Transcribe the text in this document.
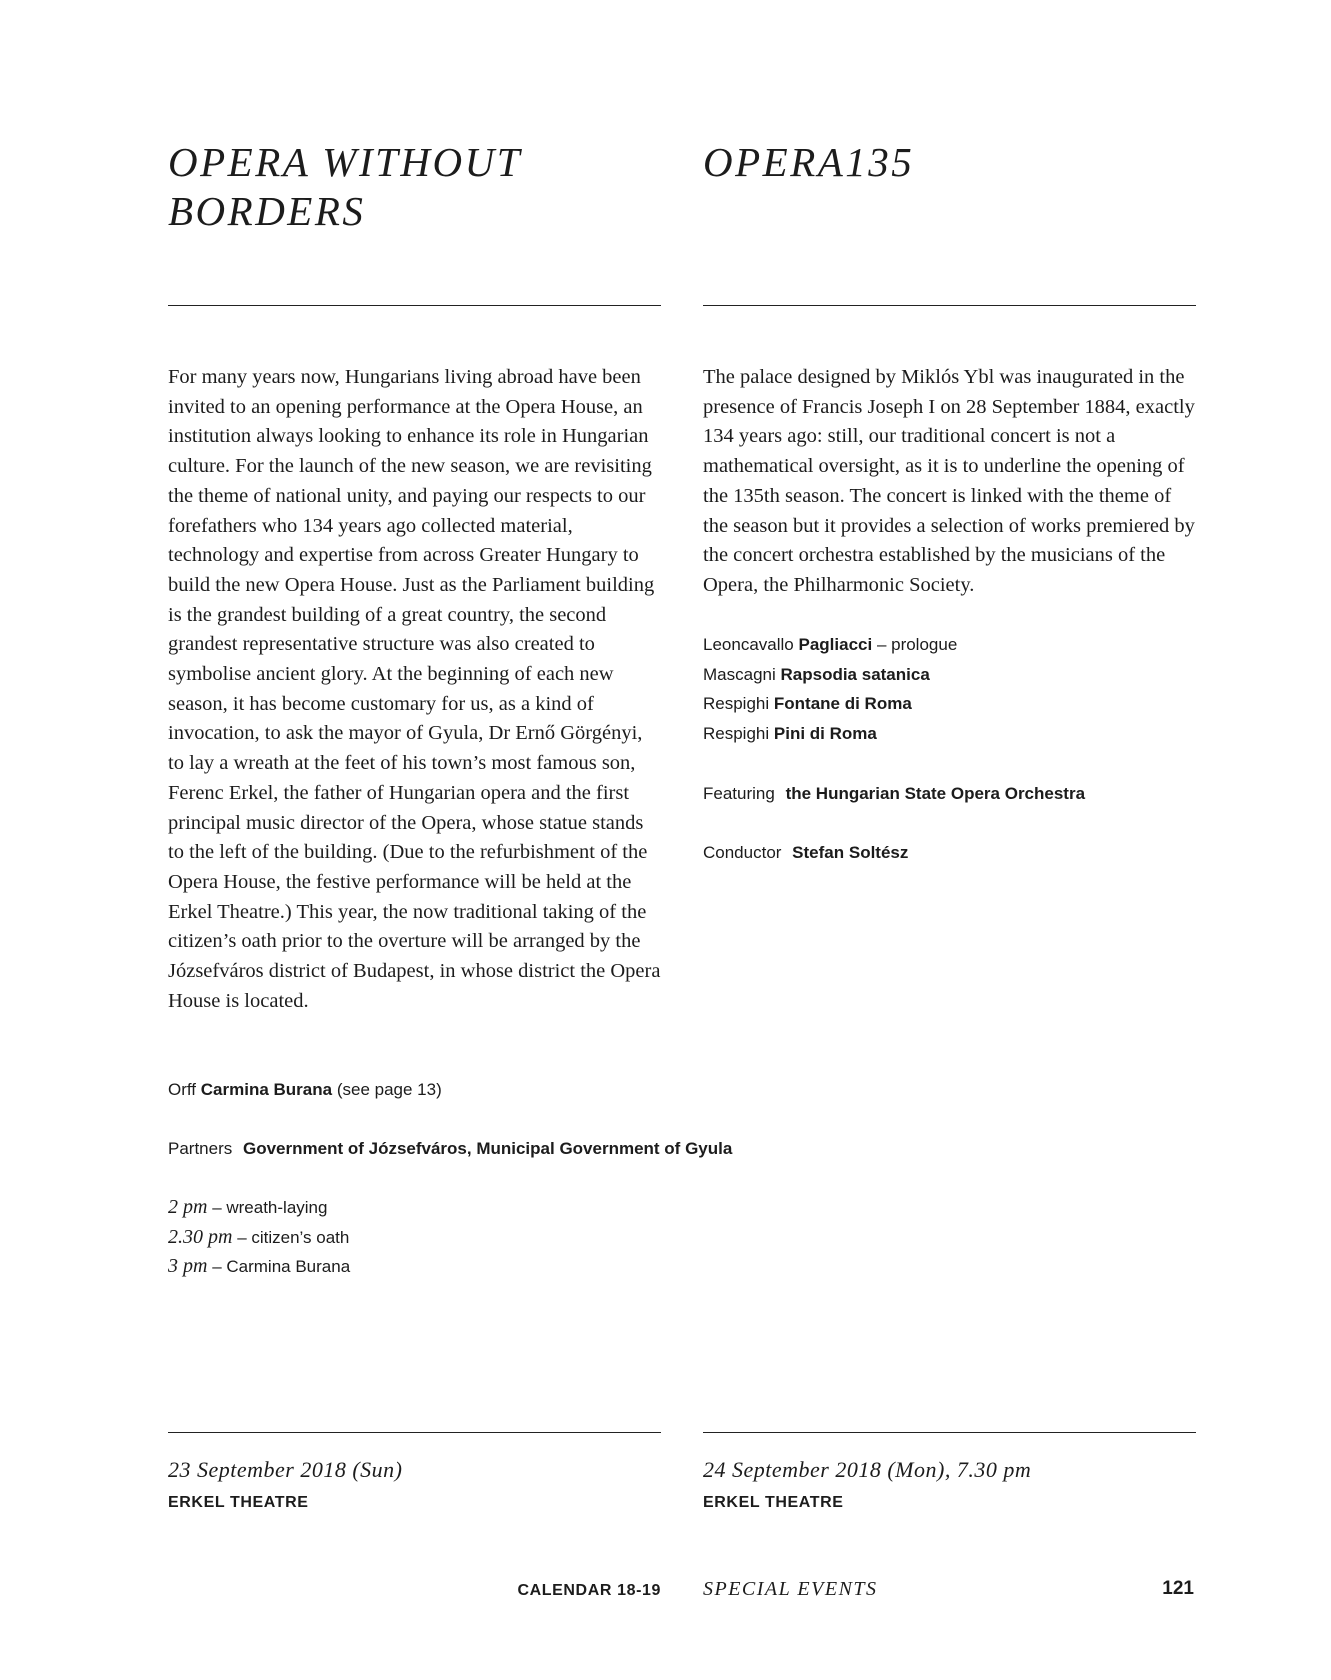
OPERA WITHOUT
BORDERS

For many years now, Hungarians living abroad have been invited to an opening performance at the Opera House, an institution always looking to enhance its role in Hungarian culture. For the launch of the new season, we are revisiting the theme of national unity, and paying our respects to our forefathers who 134 years ago collected material, technology and expertise from across Greater Hungary to build the new Opera House. Just as the Parliament building is the grandest building of a great country, the second grandest representative structure was also created to symbolise ancient glory. At the beginning of each new season, it has become customary for us, as a kind of invocation, to ask the mayor of Gyula, Dr Ernő Görgényi, to lay a wreath at the feet of his town’s most famous son, Ferenc Erkel, the father of Hungarian opera and the first principal music director of the Opera, whose statue stands to the left of the building. (Due to the refurbishment of the Opera House, the festive performance will be held at the Erkel Theatre.) This year, the now traditional taking of the citizen’s oath prior to the overture will be arranged by the Józsefváros district of Budapest, in whose district the Opera House is located.

Orff Carmina Burana (see page 13)
Partners Government of Józsefváros, Municipal Government of Gyula
2 pm – wreath-laying
2.30 pm – citizen’s oath
3 pm – Carmina Burana
23 September 2018 (Sun)
ERKEL THEATRE
OPERA135

The palace designed by Miklós Ybl was inaugurated in the presence of Francis Joseph I on 28 September 1884, exactly 134 years ago: still, our traditional concert is not a mathematical oversight, as it is to underline the opening of the 135th season. The concert is linked with the theme of the season but it provides a selection of works premiered by the concert orchestra established by the musicians of the Opera, the Philharmonic Society.

Leoncavallo Pagliacci – prologue
Mascagni Rapsodia satanica
Respighi Fontane di Roma
Respighi Pini di Roma
Featuring the Hungarian State Opera Orchestra
Conductor Stefan Soltész
24 September 2018 (Mon), 7.30 pm
ERKEL THEATRE
CALENDAR 18-19 SPECIAL EVENTS	121
